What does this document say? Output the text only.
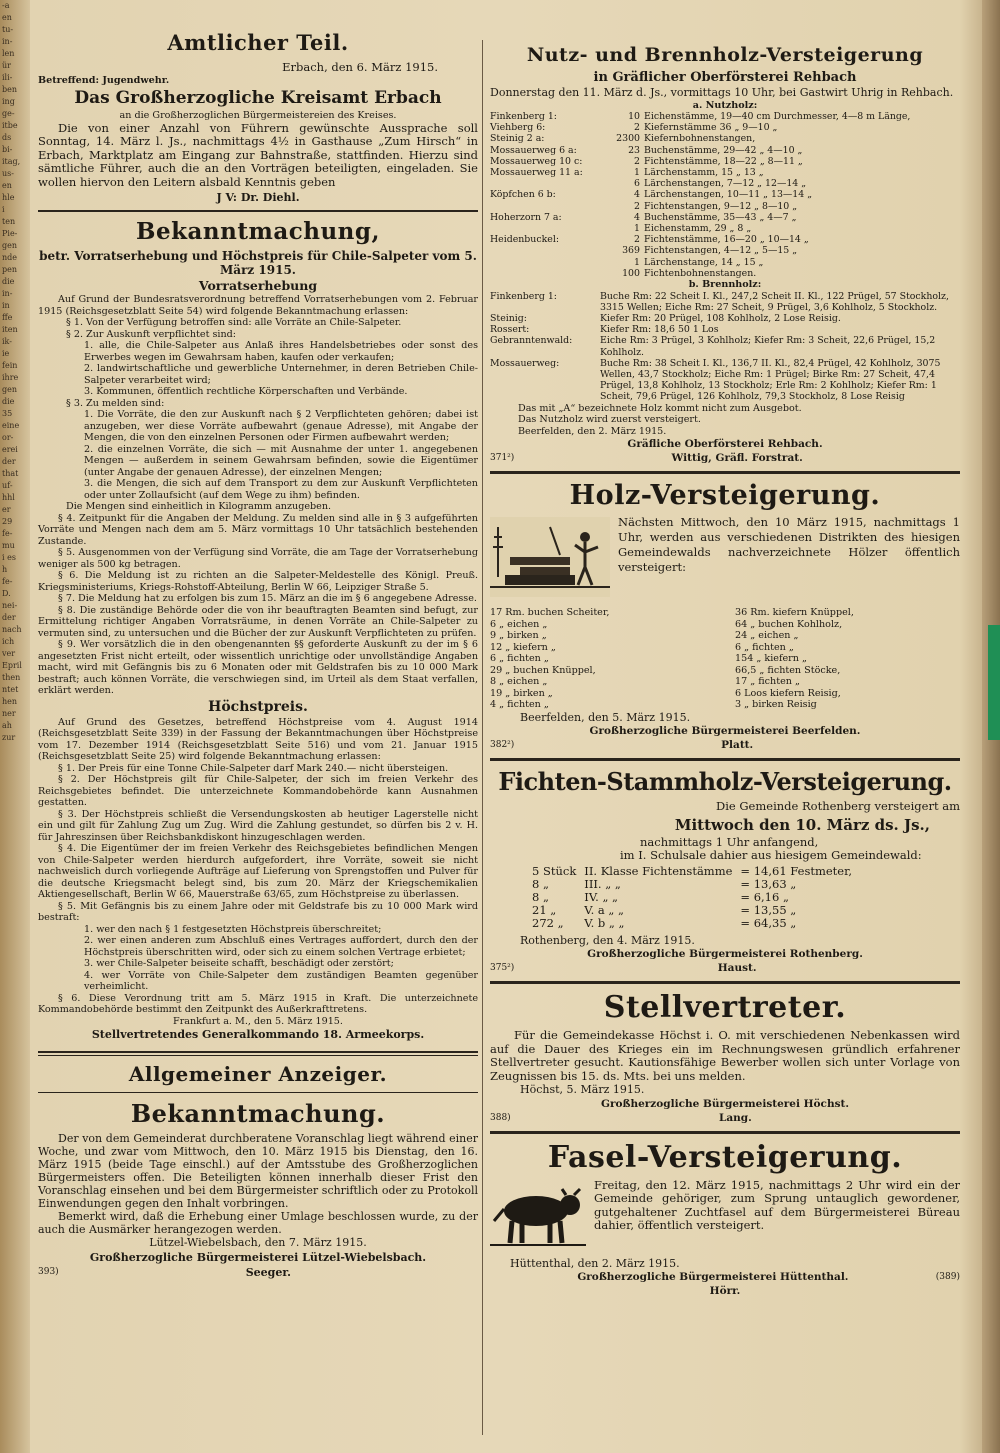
-a
en
tu-
in-
len
ür
ili-
ben
ing
ge-
itbe
ds
bi-
itag,
us-
en
hle
i
ten
Pie-
gen
nde
pen
die
in-
in
ffe
iten
ik-
ie
fein
ihre
gen
die
35
eine
or-
erei
der
that
uf-
hhl
er
29
fe-
mu
i es
h
fe-
D.
nei-
der
nach
ich
ver
Epril
then
ntet
hen
ner
ah
zur
Amtlicher Teil.
Erbach, den 6. März 1915.
Betreffend: Jugendwehr.
Das Großherzogliche Kreisamt Erbach
an die Großherzoglichen Bürgermeistereien des Kreises.

Die von einer Anzahl von Führern gewünschte Aussprache soll Sonntag, 14. März l. Js., nachmittags 4½ in Gasthause „Zum Hirsch“ in Erbach, Marktplatz am Eingang zur Bahnstraße, stattfinden. Hierzu sind sämtliche Führer, auch die an den Vorträgen beteiligten, eingeladen. Sie wollen hiervon den Leitern alsbald Kenntnis geben

J V: Dr. Diehl.
Bekanntmachung,
betr. Vorratserhebung und Höchstpreis für Chile-Salpeter vom 5. März 1915.
Vorratserhebung

Auf Grund der Bundesratsverordnung betreffend Vorratserhebungen vom 2. Februar 1915 (Reichsgesetzblatt Seite 54) wird folgende Bekanntmachung erlassen:

§ 1. Von der Verfügung betroffen sind: alle Vorräte an Chile-Salpeter.

§ 2. Zur Auskunft verpflichtet sind:

1. alle, die Chile-Salpeter aus Anlaß ihres Handelsbetriebes oder sonst des Erwerbes wegen im Gewahrsam haben, kaufen oder verkaufen;

2. landwirtschaftliche und gewerbliche Unternehmer, in deren Betrieben Chile-Salpeter verarbeitet wird;

3. Kommunen, öffentlich rechtliche Körperschaften und Verbände.

§ 3. Zu melden sind:

1. Die Vorräte, die den zur Auskunft nach § 2 Verpflichteten gehören; dabei ist anzugeben, wer diese Vorräte aufbewahrt (genaue Adresse), mit Angabe der Mengen, die von den einzelnen Personen oder Firmen aufbewahrt werden;

2. die einzelnen Vorräte, die sich — mit Ausnahme der unter 1. angegebenen Mengen — außerdem in seinem Gewahrsam befinden, sowie die Eigentümer (unter Angabe der genauen Adresse), der einzelnen Mengen;

3. die Mengen, die sich auf dem Transport zu dem zur Auskunft Verpflichteten oder unter Zollaufsicht (auf dem Wege zu ihm) befinden.

Die Mengen sind einheitlich in Kilogramm anzugeben.

§ 4. Zeitpunkt für die Angaben der Meldung. Zu melden sind alle in § 3 aufgeführten Vorräte und Mengen nach dem am 5. März vormittags 10 Uhr tatsächlich bestehenden Zustande.

§ 5. Ausgenommen von der Verfügung sind Vorräte, die am Tage der Vorratserhebung weniger als 500 kg betragen.

§ 6. Die Meldung ist zu richten an die Salpeter-Meldestelle des Königl. Preuß. Kriegsministeriums, Kriegs-Rohstoff-Abteilung, Berlin W 66, Leipziger Straße 5.

§ 7. Die Meldung hat zu erfolgen bis zum 15. März an die im § 6 angegebene Adresse.

§ 8. Die zuständige Behörde oder die von ihr beauftragten Beamten sind befugt, zur Ermittelung richtiger Angaben Vorratsräume, in denen Vorräte an Chile-Salpeter zu vermuten sind, zu untersuchen und die Bücher der zur Auskunft Verpflichteten zu prüfen.

§ 9. Wer vorsätzlich die in den obengenannten §§ geforderte Auskunft zu der im § 6 angesetzten Frist nicht erteilt, oder wissentlich unrichtige oder unvollständige Angaben macht, wird mit Gefängnis bis zu 6 Monaten oder mit Geldstrafen bis zu 10 000 Mark bestraft; auch können Vorräte, die verschwiegen sind, im Urteil als dem Staat verfallen, erklärt werden.

Höchstpreis.

Auf Grund des Gesetzes, betreffend Höchstpreise vom 4. August 1914 (Reichsgesetzblatt Seite 339) in der Fassung der Bekanntmachungen über Höchstpreise vom 17. Dezember 1914 (Reichsgesetzblatt Seite 516) und vom 21. Januar 1915 (Reichsgesetzblatt Seite 25) wird folgende Bekanntmachung erlassen:

§ 1. Der Preis für eine Tonne Chile-Salpeter darf Mark 240.— nicht übersteigen.

§ 2. Der Höchstpreis gilt für Chile-Salpeter, der sich im freien Verkehr des Reichsgebietes befindet. Die unterzeichnete Kommandobehörde kann Ausnahmen gestatten.

§ 3. Der Höchstpreis schließt die Versendungskosten ab heutiger Lagerstelle nicht ein und gilt für Zahlung Zug um Zug. Wird die Zahlung gestundet, so dürfen bis 2 v. H. für Jahreszinsen über Reichsbankdiskont hinzugeschlagen werden.

§ 4. Die Eigentümer der im freien Verkehr des Reichsgebietes befindlichen Mengen von Chile-Salpeter werden hierdurch aufgefordert, ihre Vorräte, soweit sie nicht nachweislich durch vorliegende Aufträge auf Lieferung von Sprengstoffen und Pulver für die deutsche Kriegsmacht belegt sind, bis zum 20. März der Kriegschemikalien Aktiengesellschaft, Berlin W 66, Mauerstraße 63/65, zum Höchstpreise zu überlassen.

§ 5. Mit Gefängnis bis zu einem Jahre oder mit Geldstrafe bis zu 10 000 Mark wird bestraft:

1. wer den nach § 1 festgesetzten Höchstpreis überschreitet;

2. wer einen anderen zum Abschluß eines Vertrages auffordert, durch den der Höchstpreis überschritten wird, oder sich zu einem solchen Vertrage erbietet;

3. wer Chile-Salpeter beiseite schafft, beschädigt oder zerstört;

4. wer Vorräte von Chile-Salpeter dem zuständigen Beamten gegenüber verheimlicht.

§ 6. Diese Verordnung tritt am 5. März 1915 in Kraft. Die unterzeichnete Kommandobehörde bestimmt den Zeitpunkt des Außerkrafttretens.

Frankfurt a. M., den 5. März 1915.
Stellvertretendes Generalkommando 18. Armeekorps.
Allgemeiner Anzeiger.
Bekanntmachung.

Der von dem Gemeinderat durchberatene Voranschlag liegt während einer Woche, und zwar vom Mittwoch, den 10. März 1915 bis Dienstag, den 16. März 1915 (beide Tage einschl.) auf der Amtsstube des Großherzoglichen Bürgermeisters offen. Die Beteiligten können innerhalb dieser Frist den Voranschlag einsehen und bei dem Bürgermeister schriftlich oder zu Protokoll Einwendungen gegen den Inhalt vorbringen.

Bemerkt wird, daß die Erhebung einer Umlage beschlossen wurde, zu der auch die Ausmärker herangezogen werden.

Lützel-Wiebelsbach, den 7. März 1915.
Großherzogliche Bürgermeisterei Lützel-Wiebelsbach.
393)	Seeger.
Nutz- und Brennholz-Versteigerung
in Gräflicher Oberförsterei Rehbach

Donnerstag den 11. März d. Js., vormittags 10 Uhr, bei Gastwirt Uhrig in Rehbach.

a. Nutzholz:
Finkenberg 1:	10 Eichenstämme, 19—40 cm Durchmesser, 4—8 m Länge,
Viehberg 6:	2 Kiefernstämme 36 „ 9—10 „
Steinig 2 a:	2300 Kiefernbohnenstangen,
Mossauerweg 6 a:	23 Buchenstämme, 29—42 „ 4—10 „
Mossauerweg 10 c:	2 Fichtenstämme, 18—22 „ 8—11 „
Mossauerweg 11 a:	1 Lärchenstamm, 15 „ 13 „
6 Lärchenstangen, 7—12 „ 12—14 „
Köpfchen 6 b:	4 Lärchenstangen, 10—11 „ 13—14 „
2 Fichtenstangen, 9—12 „ 8—10 „
Hoherzorn 7 a:	4 Buchenstämme, 35—43 „ 4—7 „
1 Eichenstamm, 29 „ 8 „
Heidenbuckel:	2 Fichtenstämme, 16—20 „ 10—14 „
369 Fichtenstangen, 4—12 „ 5—15 „
1 Lärchenstange, 14 „ 15 „
100 Fichtenbohnenstangen.
b. Brennholz:
Finkenberg 1:	Buche Rm: 22 Scheit I. Kl., 247,2 Scheit II. Kl., 122 Prügel, 57 Stockholz, 3315 Wellen; Eiche Rm: 27 Scheit, 9 Prügel, 3,6 Kohlholz, 5 Stockholz.
Steinig:	Kiefer Rm: 20 Prügel, 108 Kohlholz, 2 Lose Reisig.
Rossert:	Kiefer Rm: 18,6 50 1 Los
Gebranntenwald:	Eiche Rm: 3 Prügel, 3 Kohlholz; Kiefer Rm: 3 Scheit, 22,6 Prügel, 15,2 Kohlholz.
Mossauerweg:	Buche Rm: 38 Scheit I. Kl., 136,7 II. Kl., 82,4 Prügel, 42 Kohlholz, 3075 Wellen, 43,7 Stockholz; Eiche Rm: 1 Prügel; Birke Rm: 27 Scheit, 47,4 Prügel, 13,8 Kohlholz, 13 Stockholz; Erle Rm: 2 Kohlholz; Kiefer Rm: 1 Scheit, 79,6 Prügel, 126 Kohlholz, 79,3 Stockholz, 8 Lose Reisig

Das mit „A“ bezeichnete Holz kommt nicht zum Ausgebot.

Das Nutzholz wird zuerst versteigert.

Beerfelden, den 2. März 1915.
Gräfliche Oberförsterei Rehbach.
371²)	Wittig, Gräfl. Forstrat.
Holz-Versteigerung.

Nächsten Mittwoch, den 10 März 1915, nachmittags 1 Uhr, werden aus verschiedenen Distrikten des hiesigen Gemeindewalds nachverzeichnete Hölzer öffentlich versteigert:

17 Rm. buchen Scheiter,
6 „ eichen „
9 „ birken „
12 „ kiefern „
6 „ fichten „
29 „ buchen Knüppel,
8 „ eichen „
19 „ birken „
4 „ fichten „
36 Rm. kiefern Knüppel,
64 „ buchen Kohlholz,
24 „ eichen „
6 „ fichten „
154 „ kiefern „
66,5 „ fichten Stöcke,
17 „ fichten „
6 Loos kiefern Reisig,
3 „ birken Reisig
Beerfelden, den 5. März 1915.
Großherzogliche Bürgermeisterei Beerfelden.
382²)	Platt.
Fichten-Stammholz-Versteigerung.
Die Gemeinde Rothenberg versteigert am
Mittwoch den 10. März ds. Js.,
nachmittags 1 Uhr anfangend,
im I. Schulsale dahier aus hiesigem Gemeindewald:
5 Stück	II. Klasse Fichtenstämme	= 14,61 Festmeter,
8 „	III. „ „	= 13,63 „
8 „	IV. „ „	= 6,16 „
21 „	V. a „ „	= 13,55 „
272 „	V. b „ „	= 64,35 „
Rothenberg, den 4. März 1915.
Großherzogliche Bürgermeisterei Rothenberg.
375²)	Haust.
Stellvertreter.

Für die Gemeindekasse Höchst i. O. mit verschiedenen Nebenkassen wird auf die Dauer des Krieges ein im Rechnungswesen gründlich erfahrener Stellvertreter gesucht. Kautionsfähige Bewerber wollen sich unter Vorlage von Zeugnissen bis 15. ds. Mts. bei uns melden.

Höchst, 5. März 1915.
Großherzogliche Bürgermeisterei Höchst.
388)	Lang.
Fasel-Versteigerung.

Freitag, den 12. März 1915, nachmittags 2 Uhr wird ein der Gemeinde gehöriger, zum Sprung untauglich gewordener, gutgehaltener Zuchtfasel auf dem Bürgermeisterei Büreau dahier, öffentlich versteigert.

Hüttenthal, den 2. März 1915.
Großherzogliche Bürgermeisterei Hüttenthal.	(389)
Hörr.
